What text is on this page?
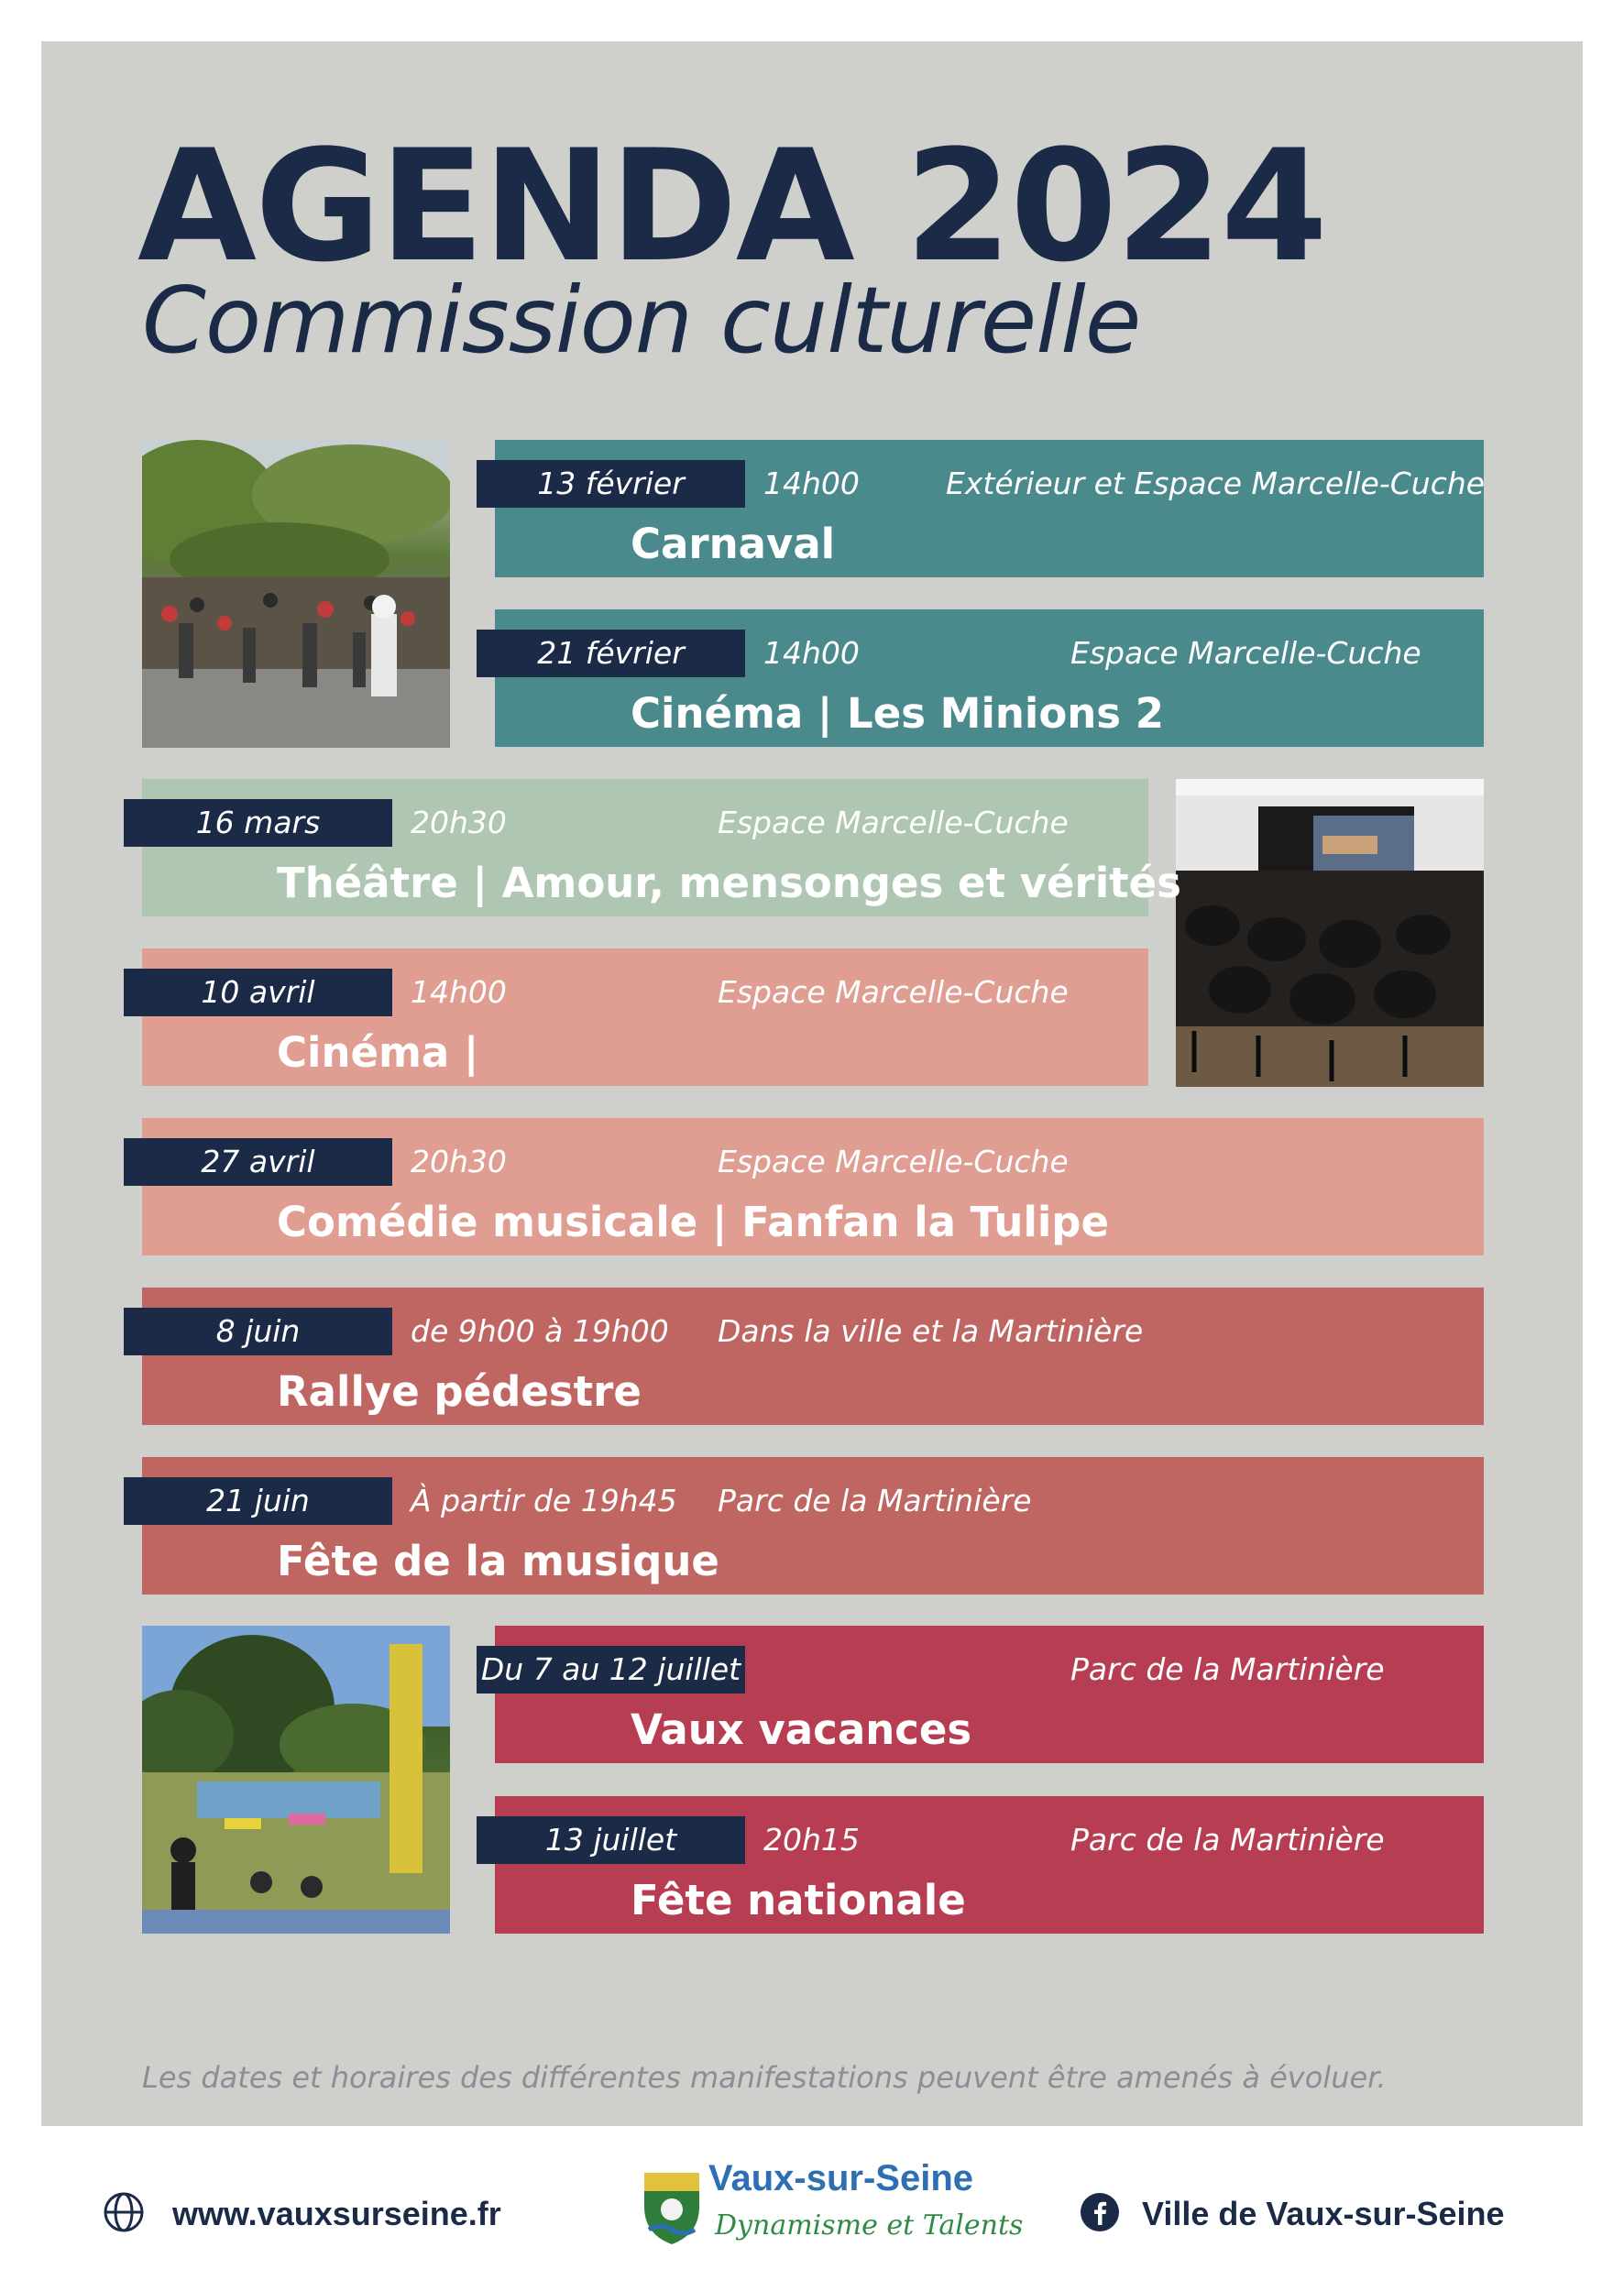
AGENDA 2024
Commission culturelle
13 février	14h00	Extérieur et Espace Marcelle-Cuche
Carnaval
21 février	14h00	Espace Marcelle-Cuche
Cinéma | Les Minions 2
16 mars	20h30	Espace Marcelle-Cuche
Théâtre | Amour, mensonges et vérités
10 avril	14h00	Espace Marcelle-Cuche
Cinéma |
27 avril	20h30	Espace Marcelle-Cuche
Comédie musicale | Fanfan la Tulipe
8 juin	de 9h00 à 19h00 Dans la ville et la Martinière
Rallye pédestre
21 juin	À partir de 19h45 Parc de la Martinière
Fête de la musique
Du 7 au 12 juillet	Parc de la Martinière
Vaux vacances
13 juillet	20h15	Parc de la Martinière
Fête nationale

Les dates et horaires des différentes manifestations peuvent être amenés à évoluer.

www.vauxsurseine.fr
Vaux-sur-Seine
Dynamisme et Talents	Ville de Vaux-sur-Seine
